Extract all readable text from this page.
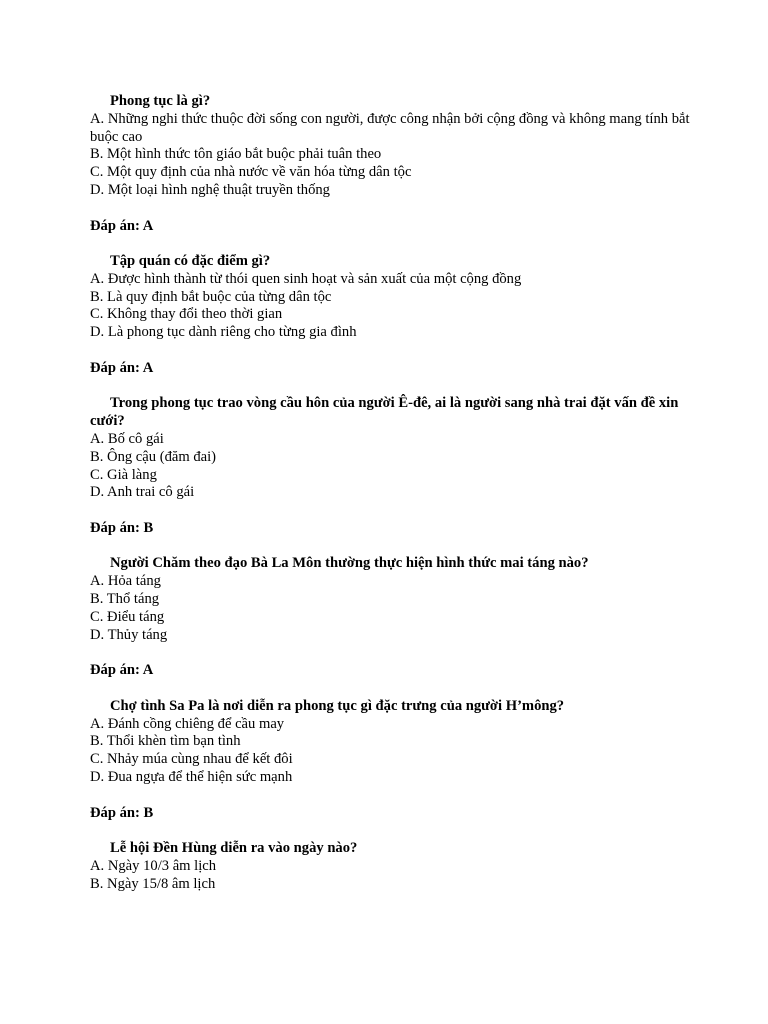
Phong tục là gì?

A. Những nghi thức thuộc đời sống con người, được công nhận bởi cộng đồng và không mang tính bắt buộc cao

B. Một hình thức tôn giáo bắt buộc phải tuân theo

C. Một quy định của nhà nước về văn hóa từng dân tộc

D. Một loại hình nghệ thuật truyền thống

Đáp án: A

Tập quán có đặc điểm gì?

A. Được hình thành từ thói quen sinh hoạt và sản xuất của một cộng đồng

B. Là quy định bắt buộc của từng dân tộc

C. Không thay đổi theo thời gian

D. Là phong tục dành riêng cho từng gia đình

Đáp án: A

Trong phong tục trao vòng cầu hôn của người Ê-đê, ai là người sang nhà trai đặt vấn đề xin cưới?

A. Bố cô gái

B. Ông cậu (đăm đai)

C. Già làng

D. Anh trai cô gái

Đáp án: B

Người Chăm theo đạo Bà La Môn thường thực hiện hình thức mai táng nào?

A. Hỏa táng

B. Thổ táng

C. Điểu táng

D. Thủy táng

Đáp án: A

Chợ tình Sa Pa là nơi diễn ra phong tục gì đặc trưng của người H’mông?

A. Đánh cồng chiêng để cầu may

B. Thổi khèn tìm bạn tình

C. Nhảy múa cùng nhau để kết đôi

D. Đua ngựa để thể hiện sức mạnh

Đáp án: B

Lễ hội Đền Hùng diễn ra vào ngày nào?

A. Ngày 10/3 âm lịch

B. Ngày 15/8 âm lịch
